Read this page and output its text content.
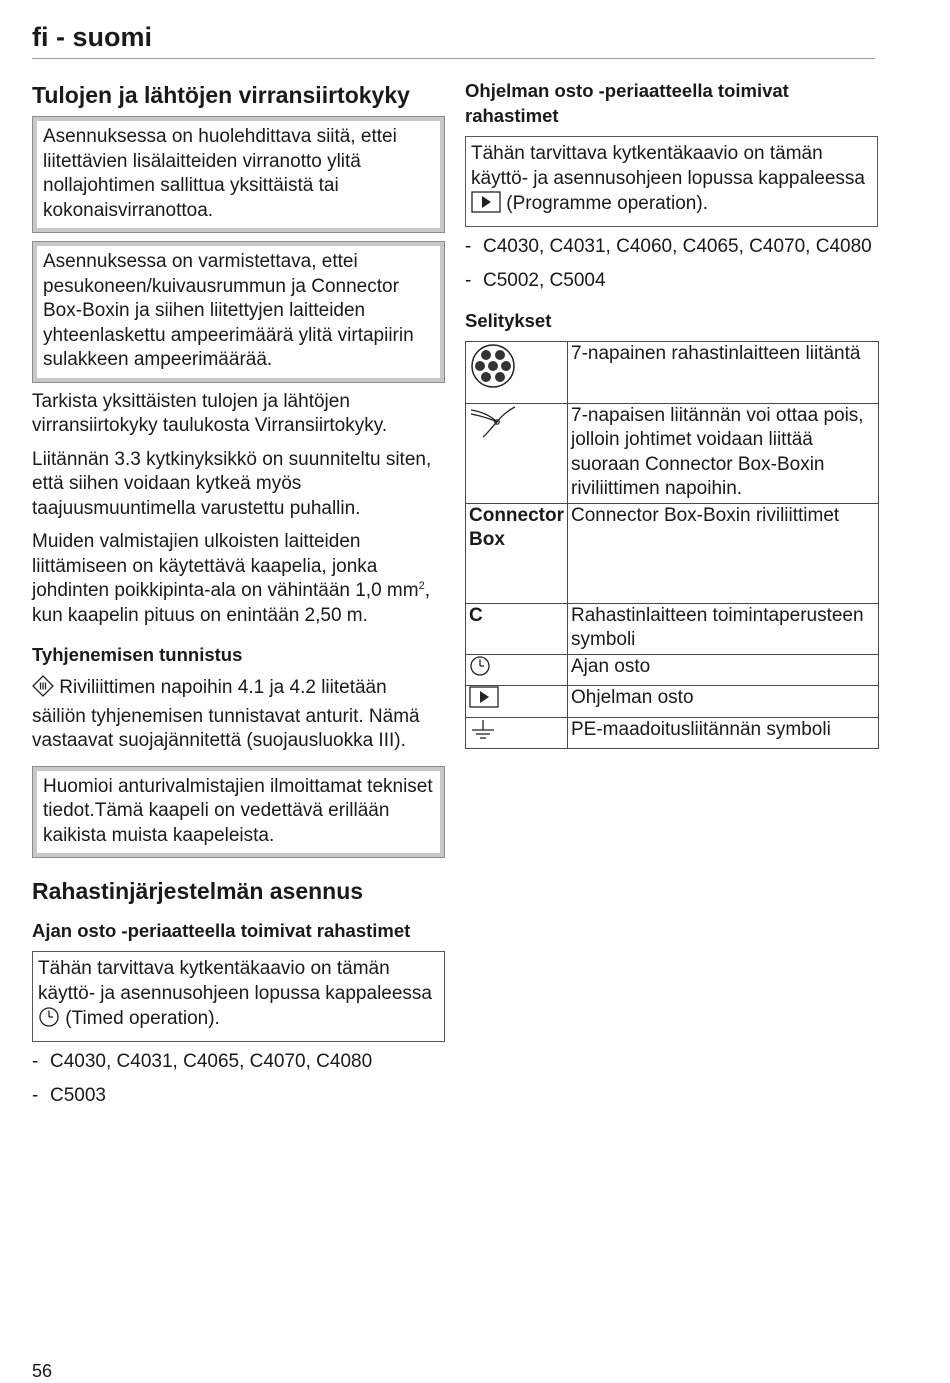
fi - suomi
Tulojen ja lähtöjen virransiirtokyky
Asennuksessa on huolehdittava siitä, ettei liitettävien lisälaitteiden virranotto ylitä nollajohtimen sallittua yksittäistä tai kokonaisvirranottoa.
Asennuksessa on varmistettava, ettei pesukoneen/kuivausrummun ja Connector Box-Boxin ja siihen liitettyjen laitteiden yhteenlaskettu ampeerimäärä ylitä virtapiirin sulakkeen ampeerimäärää.

Tarkista yksittäisten tulojen ja lähtöjen virransiirtokyky taulukosta Virransiirtokyky.

Liitännän 3.3 kytkinyksikkö on suunniteltu siten, että siihen voidaan kytkeä myös taajuusmuuntimella varustettu puhallin.

Muiden valmistajien ulkoisten laitteiden liittämiseen on käytettävä kaapelia, jonka johdinten poikkipinta-ala on vähintään 1,0 $mm^2$, kun kaapelin pituus on enintään 2,50 m.

Tyhjenemisen tunnistus

Riviliittimen napoihin 4.1 ja 4.2 liitetään säiliön tyhjenemisen tunnistavat anturit. Nämä vastaavat suojajännitettä (suojausluokka III).

Huomioi anturivalmistajien ilmoittamat tekniset tiedot.Tämä kaapeli on vedettävä erillään kaikista muista kaapeleista.
Rahastinjärjestelmän asennus
Ajan osto -periaatteella toimivat rahastimet
Tähän tarvittava kytkentäkaavio on tämän käyttö- ja asennusohjeen lopussa kappaleessa  (Timed operation).
- C4030, C4031, C4065, C4070, C4080
- C5003
Ohjelman osto -periaatteella toimivat rahastimet
Tähän tarvittava kytkentäkaavio on tämän käyttö- ja asennusohjeen lopussa kappaleessa  (Programme operation).
- C4030, C4031, C4060, C4065, C4070, C4080
- C5002, C5004
Selitykset
	7-napainen rahastinlaitteen liitäntä
	7-napaisen liitännän voi ottaa pois, jolloin johtimet voidaan liittää suoraan Connector Box-Boxin riviliittimen napoihin.

Connector Box	Connector Box-Boxin riviliittimet
C	Rahastinlaitteen toimintaperusteen symboli
	Ajan osto
	Ohjelman osto
	PE-maadoitusliitännän symboli
56
